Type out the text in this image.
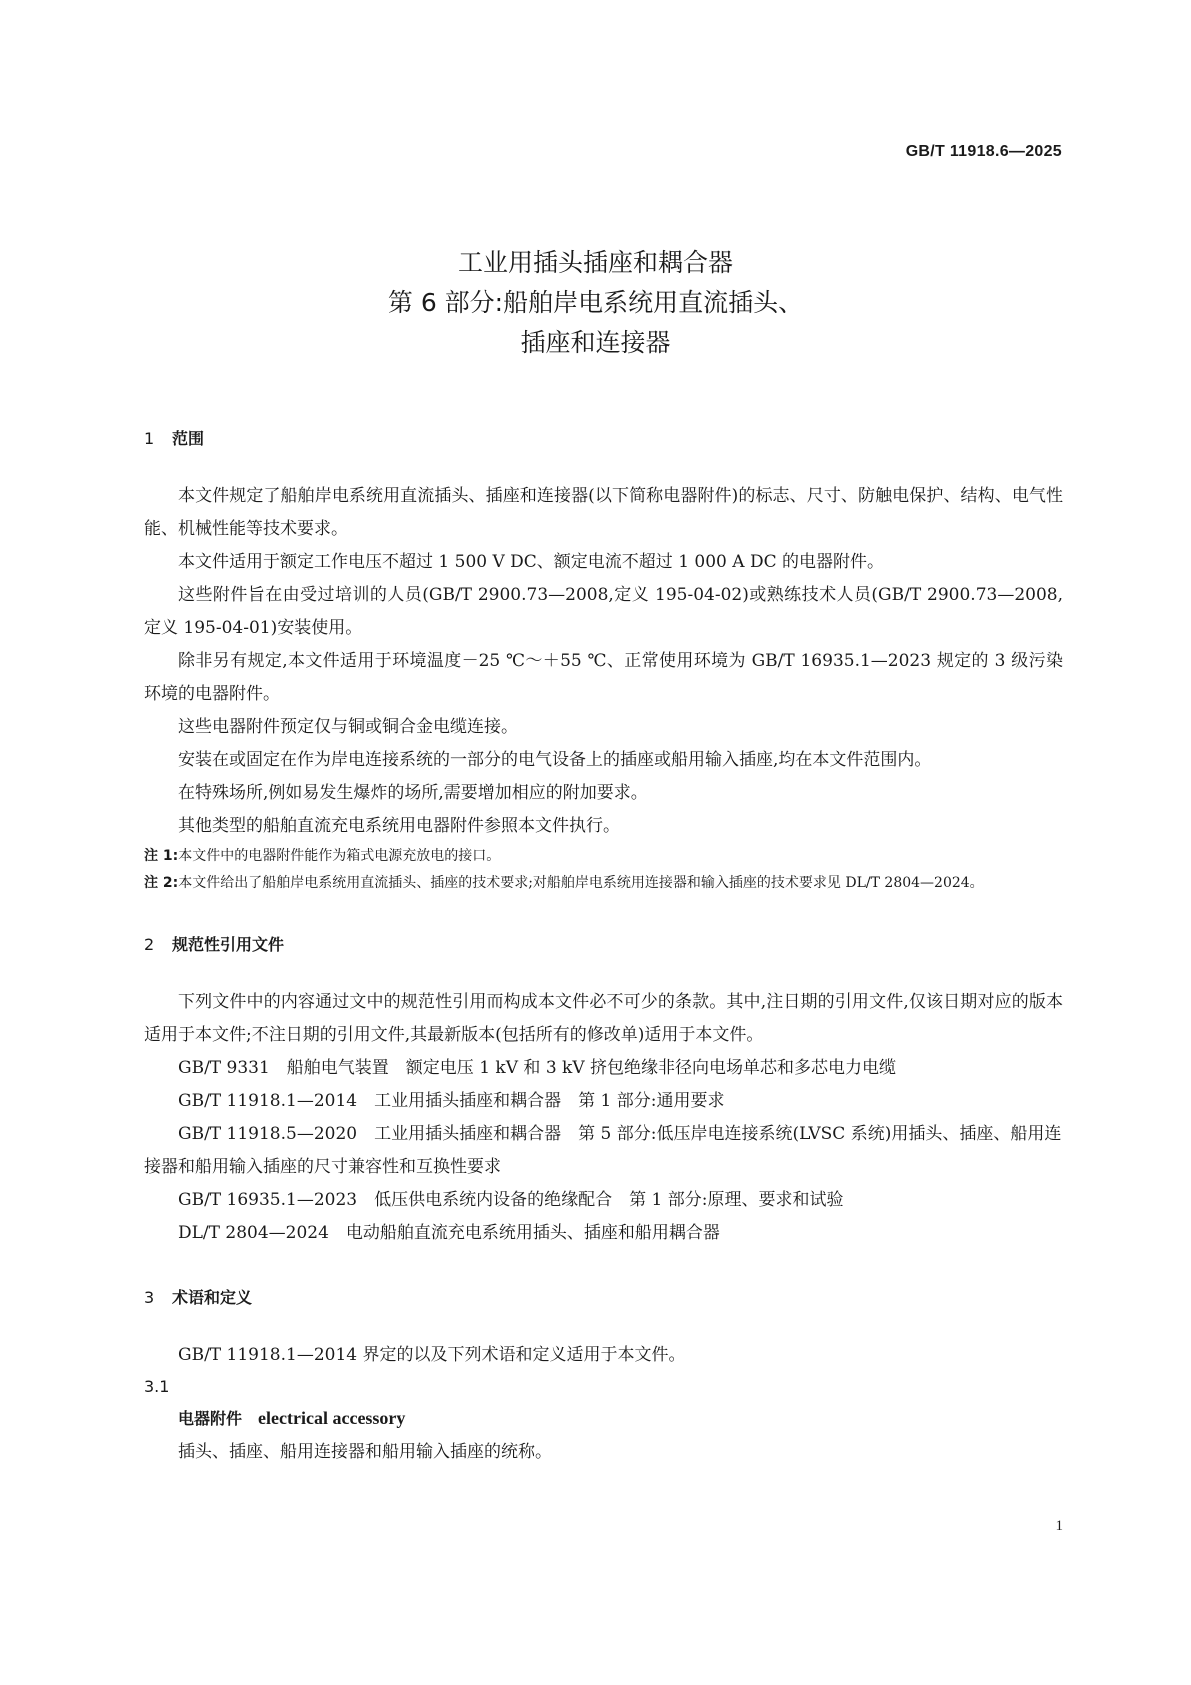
GB/T 11918.6—2025
工业用插头插座和耦合器
第 6 部分:船舶岸电系统用直流插头、
插座和连接器

1 范围

本文件规定了船舶岸电系统用直流插头、插座和连接器(以下简称电器附件)的标志、尺寸、防触电保护、结构、电气性能、机械性能等技术要求。

本文件适用于额定工作电压不超过 1 500 V DC、额定电流不超过 1 000 A DC 的电器附件。

这些附件旨在由受过培训的人员(GB/T 2900.73—2008,定义 195-04-02)或熟练技术人员(GB/T 2900.73—2008,定义 195-04-01)安装使用。

除非另有规定,本文件适用于环境温度－25 ℃～＋55 ℃、正常使用环境为 GB/T 16935.1—2023 规定的 3 级污染环境的电器附件。

这些电器附件预定仅与铜或铜合金电缆连接。

安装在或固定在作为岸电连接系统的一部分的电气设备上的插座或船用输入插座,均在本文件范围内。

在特殊场所,例如易发生爆炸的场所,需要增加相应的附加要求。

其他类型的船舶直流充电系统用电器附件参照本文件执行。

注 1:本文件中的电器附件能作为箱式电源充放电的接口。

注 2:本文件给出了船舶岸电系统用直流插头、插座的技术要求;对船舶岸电系统用连接器和输入插座的技术要求见 DL/T 2804—2024。

2 规范性引用文件

下列文件中的内容通过文中的规范性引用而构成本文件必不可少的条款。其中,注日期的引用文件,仅该日期对应的版本适用于本文件;不注日期的引用文件,其最新版本(包括所有的修改单)适用于本文件。

GB/T 9331　船舶电气装置　额定电压 1 kV 和 3 kV 挤包绝缘非径向电场单芯和多芯电力电缆

GB/T 11918.1—2014　工业用插头插座和耦合器　第 1 部分:通用要求

GB/T 11918.5—2020　工业用插头插座和耦合器　第 5 部分:低压岸电连接系统(LVSC 系统)用插头、插座、船用连接器和船用输入插座的尺寸兼容性和互换性要求

GB/T 16935.1—2023　低压供电系统内设备的绝缘配合　第 1 部分:原理、要求和试验

DL/T 2804—2024　电动船舶直流充电系统用插头、插座和船用耦合器

3 术语和定义

GB/T 11918.1—2014 界定的以及下列术语和定义适用于本文件。

3.1

电器附件 electrical accessory

插头、插座、船用连接器和船用输入插座的统称。

1
